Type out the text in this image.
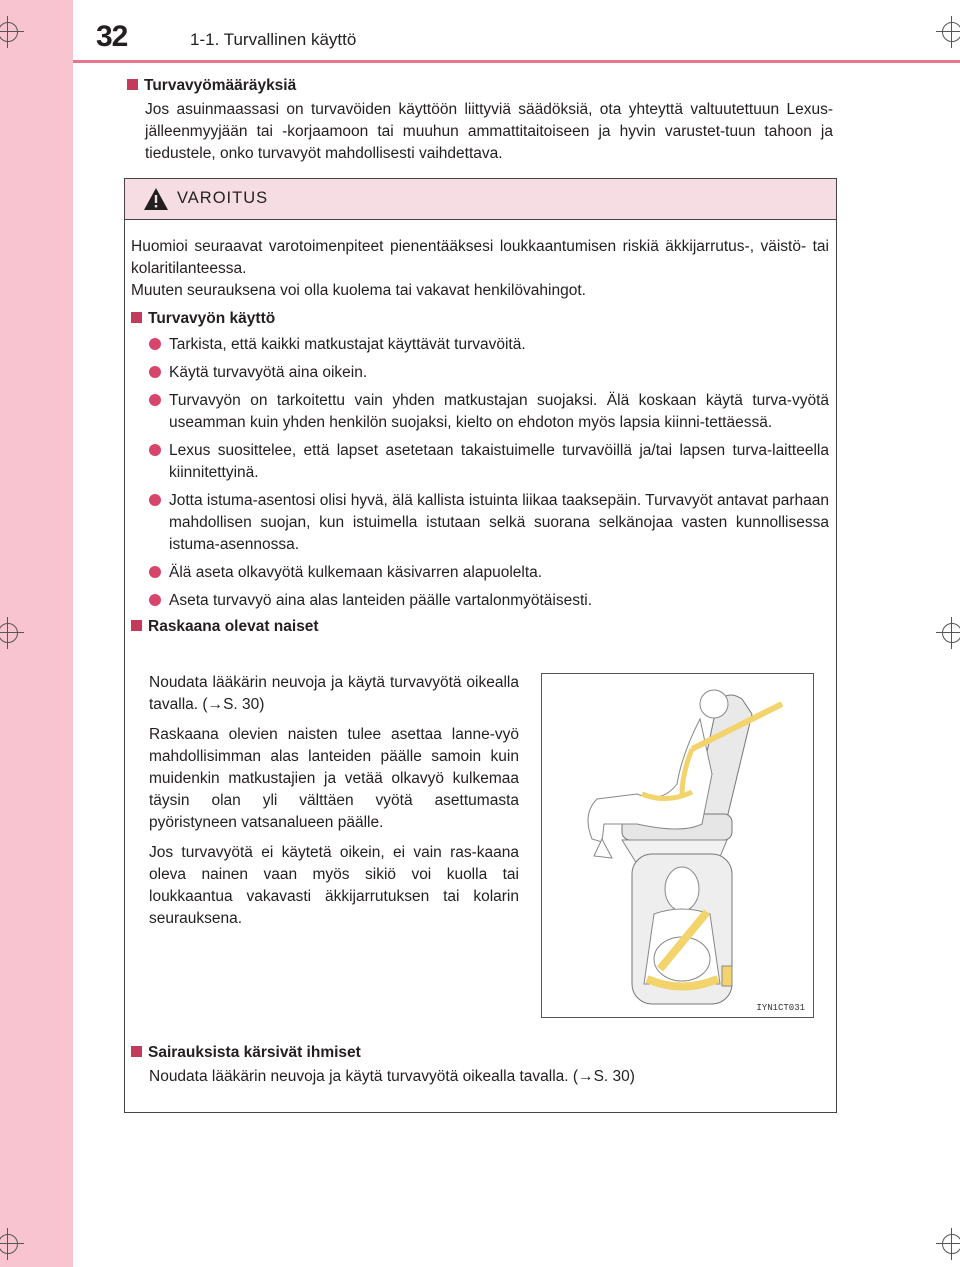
32	1-1. Turvallinen käyttö
Turvavyömääräyksiä
Jos asuinmaassasi on turvavöiden käyttöön liittyviä säädöksiä, ota yhteyttä valtuutettuun Lexus-jälleenmyyjään tai -korjaamoon tai muuhun ammattitaitoiseen ja hyvin varustet-tuun tahoon ja tiedustele, onko turvavyöt mahdollisesti vaihdettava.
VAROITUS
Huomioi seuraavat varotoimenpiteet pienentääksesi loukkaantumisen riskiä äkkijarrutus-, väistö- tai kolaritilanteessa.
Muuten seurauksena voi olla kuolema tai vakavat henkilövahingot.
Turvavyön käyttö
Tarkista, että kaikki matkustajat käyttävät turvavöitä.
Käytä turvavyötä aina oikein.
Turvavyön on tarkoitettu vain yhden matkustajan suojaksi. Älä koskaan käytä turva-vyötä useamman kuin yhden henkilön suojaksi, kielto on ehdoton myös lapsia kiinni-tettäessä.
Lexus suosittelee, että lapset asetetaan takaistuimelle turvavöillä ja/tai lapsen turva-laitteella kiinnitettyinä.
Jotta istuma-asentosi olisi hyvä, älä kallista istuinta liikaa taaksepäin. Turvavyöt antavat parhaan mahdollisen suojan, kun istuimella istutaan selkä suorana selkänojaa vasten kunnollisessa istuma-asennossa.
Älä aseta olkavyötä kulkemaan käsivarren alapuolelta.
Aseta turvavyö aina alas lanteiden päälle vartalonmyötäisesti.
Raskaana olevat naiset
Noudata lääkärin neuvoja ja käytä turvavyötä oikealla tavalla. (→S. 30)
Raskaana olevien naisten tulee asettaa lanne-vyö mahdollisimman alas lanteiden päälle samoin kuin muidenkin matkustajien ja vetää olkavyö kulkemaa täysin olan yli välttäen vyötä asettumasta pyöristyneen vatsanalueen päälle.
Jos turvavyötä ei käytetä oikein, ei vain ras-kaana oleva nainen vaan myös sikiö voi kuolla tai loukkaantua vakavasti äkkijarrutuksen tai kolarin seurauksena.
Sairauksista kärsivät ihmiset
Noudata lääkärin neuvoja ja käytä turvavyötä oikealla tavalla. (→S. 30)
IYN1CT031
